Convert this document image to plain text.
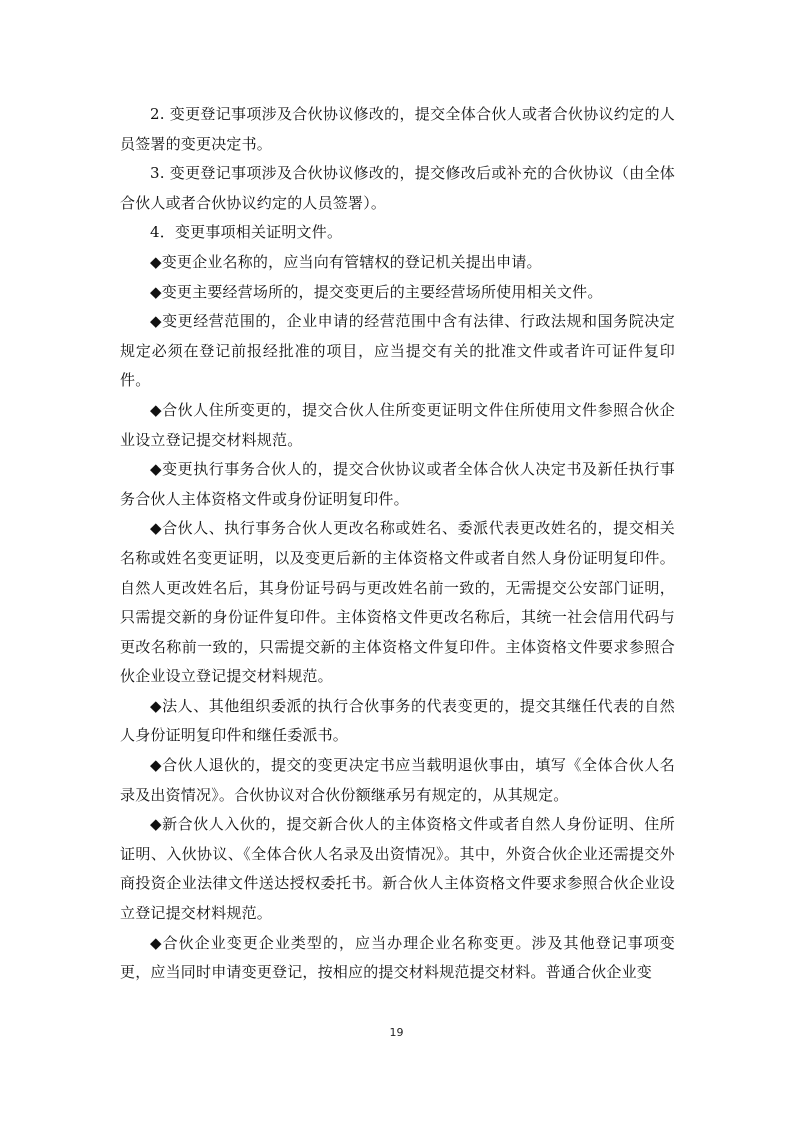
2. 变更登记事项涉及合伙协议修改的，提交全体合伙人或者合伙协议约定的人员签署的变更决定书。

3. 变更登记事项涉及合伙协议修改的，提交修改后或补充的合伙协议（由全体合伙人或者合伙协议约定的人员签署）。

4．变更事项相关证明文件。

◆变更企业名称的，应当向有管辖权的登记机关提出申请。

◆变更主要经营场所的，提交变更后的主要经营场所使用相关文件。

◆变更经营范围的，企业申请的经营范围中含有法律、行政法规和国务院决定规定必须在登记前报经批准的项目，应当提交有关的批准文件或者许可证件复印件。

◆合伙人住所变更的，提交合伙人住所变更证明文件住所使用文件参照合伙企业设立登记提交材料规范。

◆变更执行事务合伙人的，提交合伙协议或者全体合伙人决定书及新任执行事务合伙人主体资格文件或身份证明复印件。

◆合伙人、执行事务合伙人更改名称或姓名、委派代表更改姓名的，提交相关名称或姓名变更证明，以及变更后新的主体资格文件或者自然人身份证明复印件。自然人更改姓名后，其身份证号码与更改姓名前一致的，无需提交公安部门证明，只需提交新的身份证件复印件。主体资格文件更改名称后，其统一社会信用代码与更改名称前一致的，只需提交新的主体资格文件复印件。主体资格文件要求参照合伙企业设立登记提交材料规范。

◆法人、其他组织委派的执行合伙事务的代表变更的，提交其继任代表的自然人身份证明复印件和继任委派书。

◆合伙人退伙的，提交的变更决定书应当载明退伙事由，填写《全体合伙人名录及出资情况》。合伙协议对合伙份额继承另有规定的，从其规定。

◆新合伙人入伙的，提交新合伙人的主体资格文件或者自然人身份证明、住所证明、入伙协议、《全体合伙人名录及出资情况》。其中，外资合伙企业还需提交外商投资企业法律文件送达授权委托书。新合伙人主体资格文件要求参照合伙企业设立登记提交材料规范。

◆合伙企业变更企业类型的，应当办理企业名称变更。涉及其他登记事项变更，应当同时申请变更登记，按相应的提交材料规范提交材料。普通合伙企业变

19
